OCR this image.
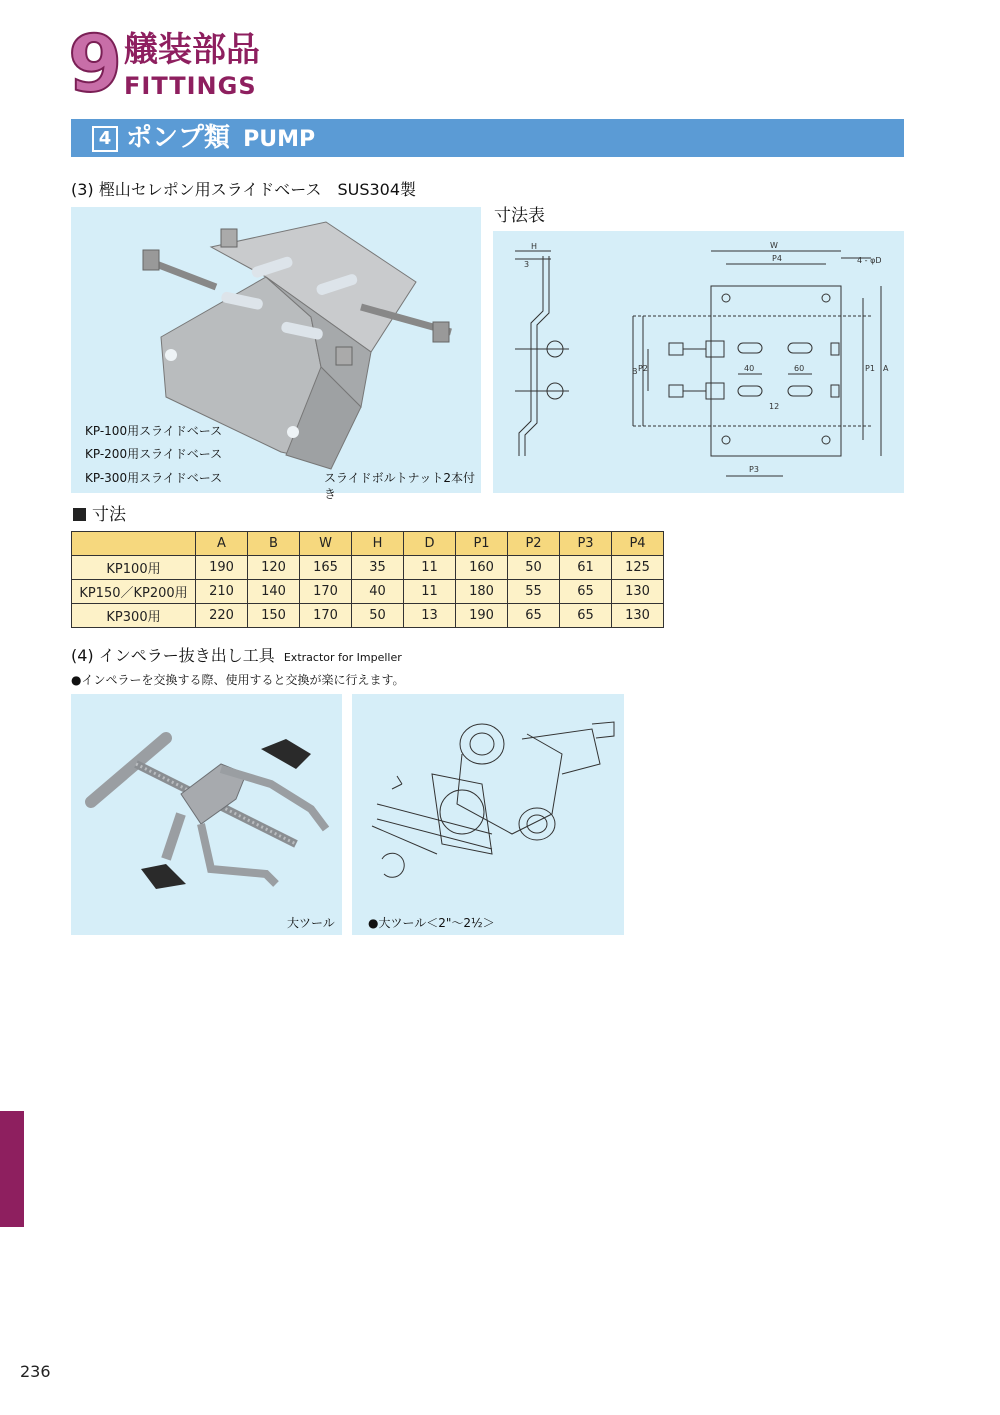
9 艤装部品
FITTINGS
4 ポンプ類 PUMP
(3) 樫山セレポン用スライドベース　SUS304製
寸法表
KP-100用スライドベース
KP-200用スライドベース
KP-300用スライドベース	スライドボルトナット2本付き
H
3
W
P4	4 - φD
B P2	40	60
12
P1 A
P3
寸法
	A	B	W	H	D	P1	P2	P3	P4
KP100用	190	120	165	35	11	160	50	61	125
KP150／KP200用	210	140	170	40	11	180	55	65	130
KP300用	220	150	170	50	13	190	65	65	130
(4) インペラー抜き出し工具 Extractor for Impeller
●インペラーを交換する際、使用すると交換が楽に行えます。
大ツール	●大ツール＜2"～2½＞
236
